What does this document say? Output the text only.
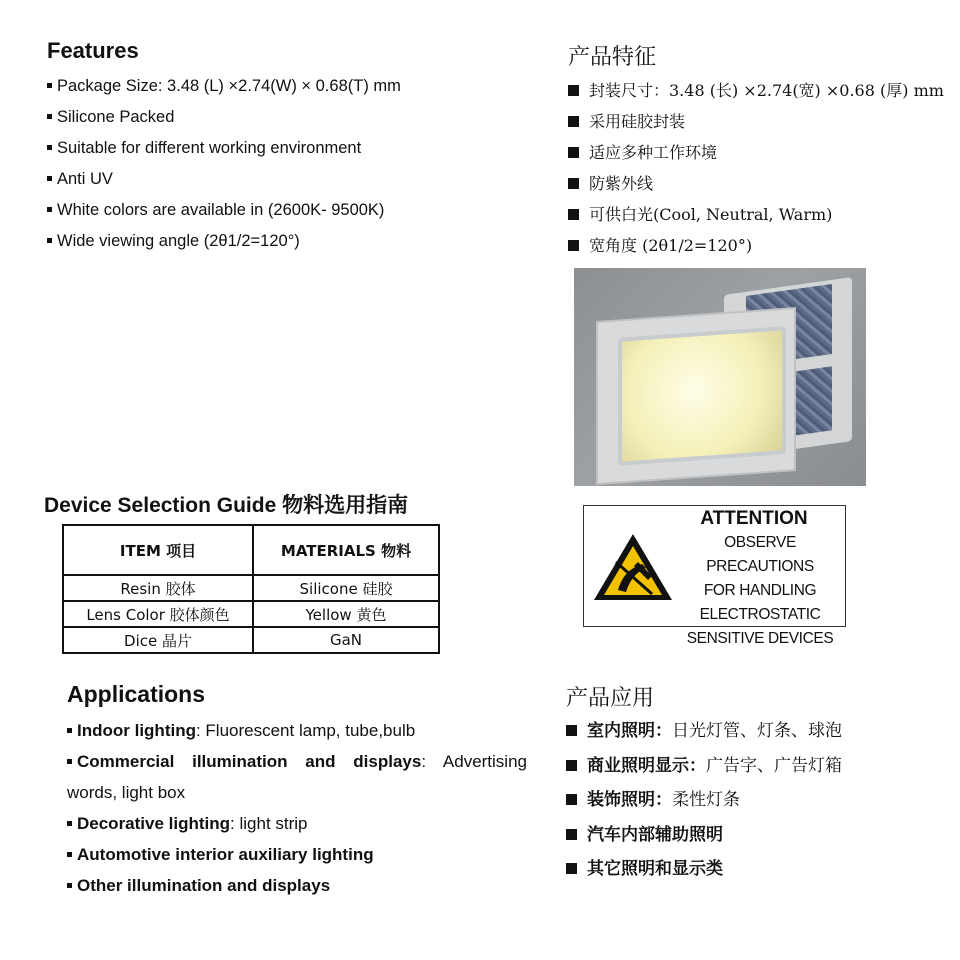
Features
Package Size: 3.48 (L) ×2.74(W) × 0.68(T) mm
Silicone Packed
Suitable for different working environment
Anti UV
White colors are available in (2600K- 9500K)
Wide viewing angle (2θ1/2=120°)
产品特征
封装尺寸：3.48 (长) ×2.74(宽) ×0.68 (厚) mm
采用硅胶封装
适应多种工作环境
防紫外线
可供白光(Cool, Neutral, Warm)
宽角度 (2θ1/2=120°)
Device Selection Guide 物料选用指南
ITEM 项目	MATERIALS 物料
Resin 胶体	Silicone 硅胶
Lens Color 胶体颜色	Yellow 黄色
Dice 晶片	GaN
ATTENTION
OBSERVE PRECAUTIONS
FOR HANDLING
ELECTROSTATIC
SENSITIVE DEVICES
Applications

Indoor lighting: Fluorescent lamp, tube,bulb

Commercial illumination and displays: Advertising words, light box

Decorative lighting: light strip

Automotive interior auxiliary lighting

Other illumination and displays

产品应用
室内照明：日光灯管、灯条、球泡
商业照明显示：广告字、广告灯箱
装饰照明：柔性灯条
汽车内部辅助照明
其它照明和显示类
